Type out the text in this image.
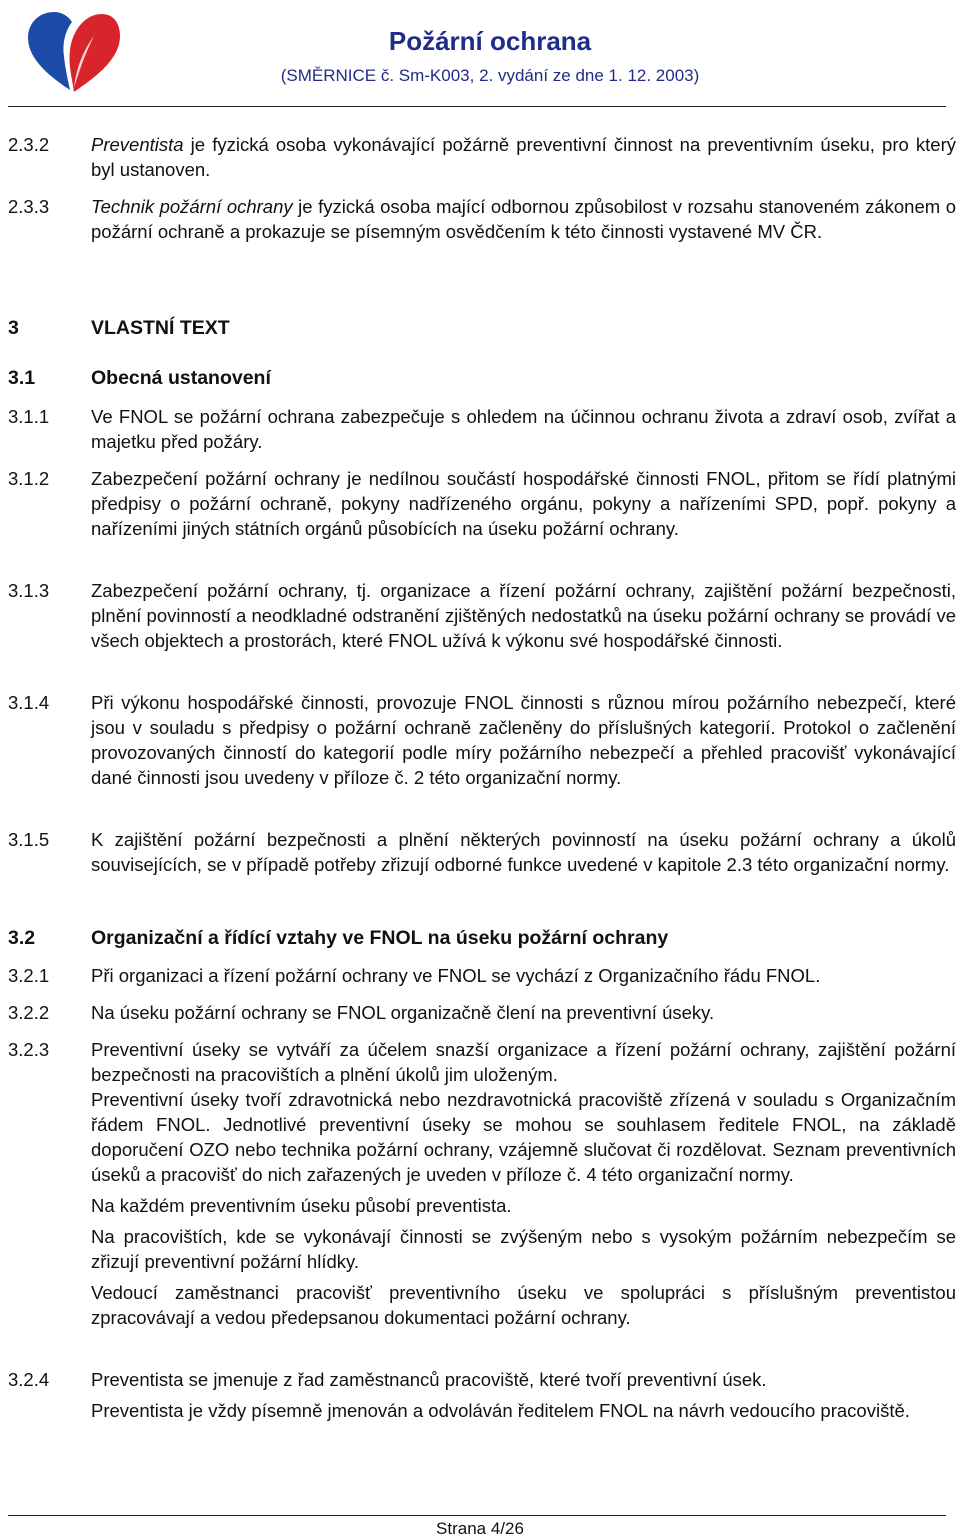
Požární ochrana
(SMĚRNICE č. Sm-K003, 2. vydání ze dne 1. 12. 2003)
2.3.2	Preventista je fyzická osoba vykonávající požárně preventivní činnost na preventivním úseku, pro který byl ustanoven.
2.3.3	Technik požární ochrany je fyzická osoba mající odbornou způsobilost v rozsahu stanoveném zákonem o požární ochraně a prokazuje se písemným osvědčením k této činnosti vystavené MV ČR.
3	VLASTNÍ TEXT
3.1	Obecná ustanovení
3.1.1	Ve FNOL se požární ochrana zabezpečuje s ohledem na účinnou ochranu života a zdraví osob, zvířat a majetku před požáry.
3.1.2	Zabezpečení požární ochrany je nedílnou součástí hospodářské činnosti FNOL, přitom se řídí platnými předpisy o požární ochraně, pokyny nadřízeného orgánu, pokyny a nařízeními SPD, popř. pokyny a nařízeními jiných státních orgánů působících na úseku požární ochrany.
3.1.3	Zabezpečení požární ochrany, tj. organizace a řízení požární ochrany, zajištění požární bezpečnosti, plnění povinností a neodkladné odstranění zjištěných nedostatků na úseku požární ochrany se provádí ve všech objektech a prostorách, které FNOL užívá k výkonu své hospodářské činnosti.
3.1.4	Při výkonu hospodářské činnosti, provozuje FNOL činnosti s různou mírou požárního nebezpečí, které jsou v souladu s předpisy o požární ochraně začleněny do příslušných kategorií. Protokol o začlenění provozovaných činností do kategorií podle míry požárního nebezpečí a přehled pracovišť vykonávající dané činnosti jsou uvedeny v příloze č. 2 této organizační normy.
3.1.5	K zajištění požární bezpečnosti a plnění některých povinností na úseku požární ochrany a úkolů souvisejících, se v případě potřeby zřizují odborné funkce uvedené v kapitole 2.3 této organizační normy.
3.2	Organizační a řídící vztahy ve FNOL na úseku požární ochrany
3.2.1	Při organizaci a řízení požární ochrany ve FNOL se vychází z Organizačního řádu FNOL.
3.2.2	Na úseku požární ochrany se FNOL organizačně člení na preventivní úseky.
3.2.3	Preventivní úseky se vytváří za účelem snazší organizace a řízení požární ochrany, zajištění požární bezpečnosti na pracovištích a plnění úkolů jim uloženým.
Preventivní úseky tvoří zdravotnická nebo nezdravotnická pracoviště zřízená v souladu s Organizačním řádem FNOL. Jednotlivé preventivní úseky se mohou se souhlasem ředitele FNOL, na základě doporučení OZO nebo technika požární ochrany, vzájemně slučovat či rozdělovat. Seznam preventivních úseků a pracovišť do nich zařazených je uveden v příloze č. 4 této organizační normy.
Na každém preventivním úseku působí preventista.
Na pracovištích, kde se vykonávají činnosti se zvýšeným nebo s vysokým požárním nebezpečím se zřizují preventivní požární hlídky.
Vedoucí zaměstnanci pracovišť preventivního úseku ve spolupráci s příslušným preventistou zpracovávají a vedou předepsanou dokumentaci požární ochrany.
3.2.4	Preventista se jmenuje z řad zaměstnanců pracoviště, které tvoří preventivní úsek.
Preventista je vždy písemně jmenován a odvoláván ředitelem FNOL na návrh vedoucího pracoviště.
Strana 4/26
